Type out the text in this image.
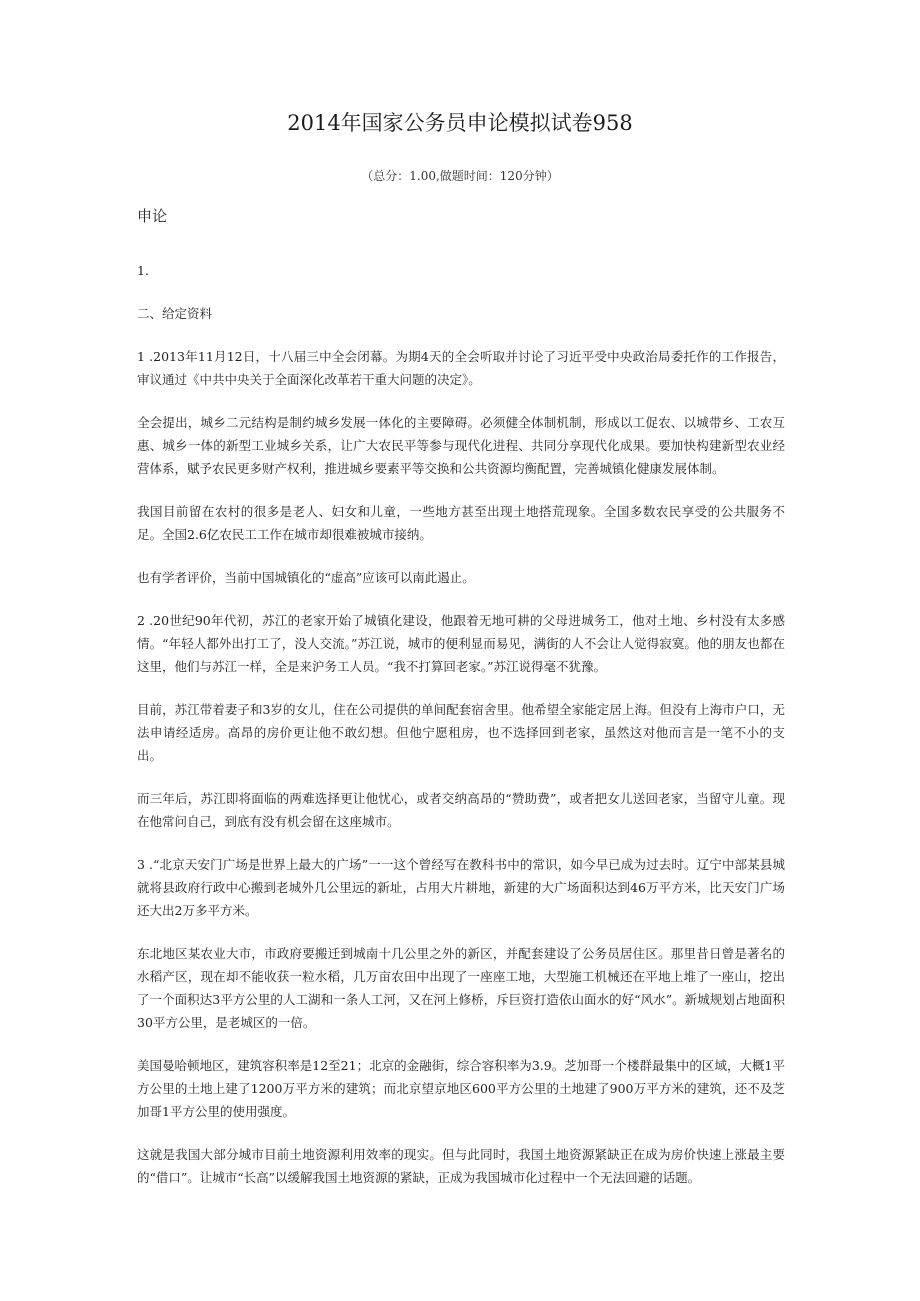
2014年国家公务员申论模拟试卷958
（总分：1.00,做题时间：120分钟）
申论

1.

二、给定资料

1 .2013年11月12日，十八届三中全会闭幕。为期4天的全会听取并讨论了习近平受中央政治局委托作的工作报告，审议通过《中共中央关于全面深化改革若干重大问题的决定》。

全会提出，城乡二元结构是制约城乡发展一体化的主要障碍。必须健全体制机制，形成以工促农、以城带乡、工农互惠、城乡一体的新型工业城乡关系，让广大农民平等参与现代化进程、共同分享现代化成果。要加快构建新型农业经营体系，赋予农民更多财产权利，推进城乡要素平等交换和公共资源均衡配置，完善城镇化健康发展体制。

我国目前留在农村的很多是老人、妇女和儿童，一些地方甚至出现土地搭荒现象。全国多数农民享受的公共服务不足。全国2.6亿农民工工作在城市却很难被城市接纳。

也有学者评价，当前中国城镇化的“虚高”应该可以南此遏止。

2 .20世纪90年代初，苏江的老家开始了城镇化建设，他跟着无地可耕的父母进城务工，他对土地、乡村没有太多感情。“年轻人都外出打工了，没人交流。”苏江说，城市的便利显而易见，满街的人不会让人觉得寂寞。他的朋友也都在这里，他们与苏江一样，全是来沪务工人员。“我不打算回老家。”苏江说得毫不犹豫。

目前，苏江带着妻子和3岁的女儿，住在公司提供的单间配套宿舍里。他希望全家能定居上海。但没有上海市户口，无法申请经适房。高昂的房价更让他不敢幻想。但他宁愿租房，也不选择回到老家，虽然这对他而言是一笔不小的支出。

而三年后，苏江即将面临的两难选择更让他忧心，或者交纳高昂的“赞助费”，或者把女儿送回老家，当留守儿童。现在他常问自己，到底有没有机会留在这座城市。

3 .“北京天安门广场是世界上最大的广场”一一这个曾经写在教科书中的常识，如今早已成为过去时。辽宁中部某县城就将县政府行政中心搬到老城外几公里远的新址，占用大片耕地，新建的大广场面积达到46万平方米，比天安门广场还大出2万多平方米。

东北地区某农业大市，市政府要搬迁到城南十几公里之外的新区，并配套建设了公务员居住区。那里昔日曾是著名的水稻产区，现在却不能收获一粒水稻，几万亩农田中出现了一座座工地，大型施工机械还在平地上堆了一座山，挖出了一个面积达3平方公里的人工湖和一条人工河，又在河上修桥，斥巨资打造依山面水的好“风水”。新城规划占地面积30平方公里，是老城区的一倍。

美国曼哈顿地区，建筑容积率是12至21；北京的金融街，综合容积率为3.9。芝加哥一个楼群最集中的区域，大概1平方公里的土地上建了1200万平方米的建筑；而北京望京地区600平方公里的土地建了900万平方米的建筑，还不及芝加哥1平方公里的使用强度。

这就是我国大部分城市目前土地资源利用效率的现实。但与此同时，我国土地资源紧缺正在成为房价快速上涨最主要的“借口”。让城市“长高”以缓解我国土地资源的紧缺，正成为我国城市化过程中一个无法回避的话题。
